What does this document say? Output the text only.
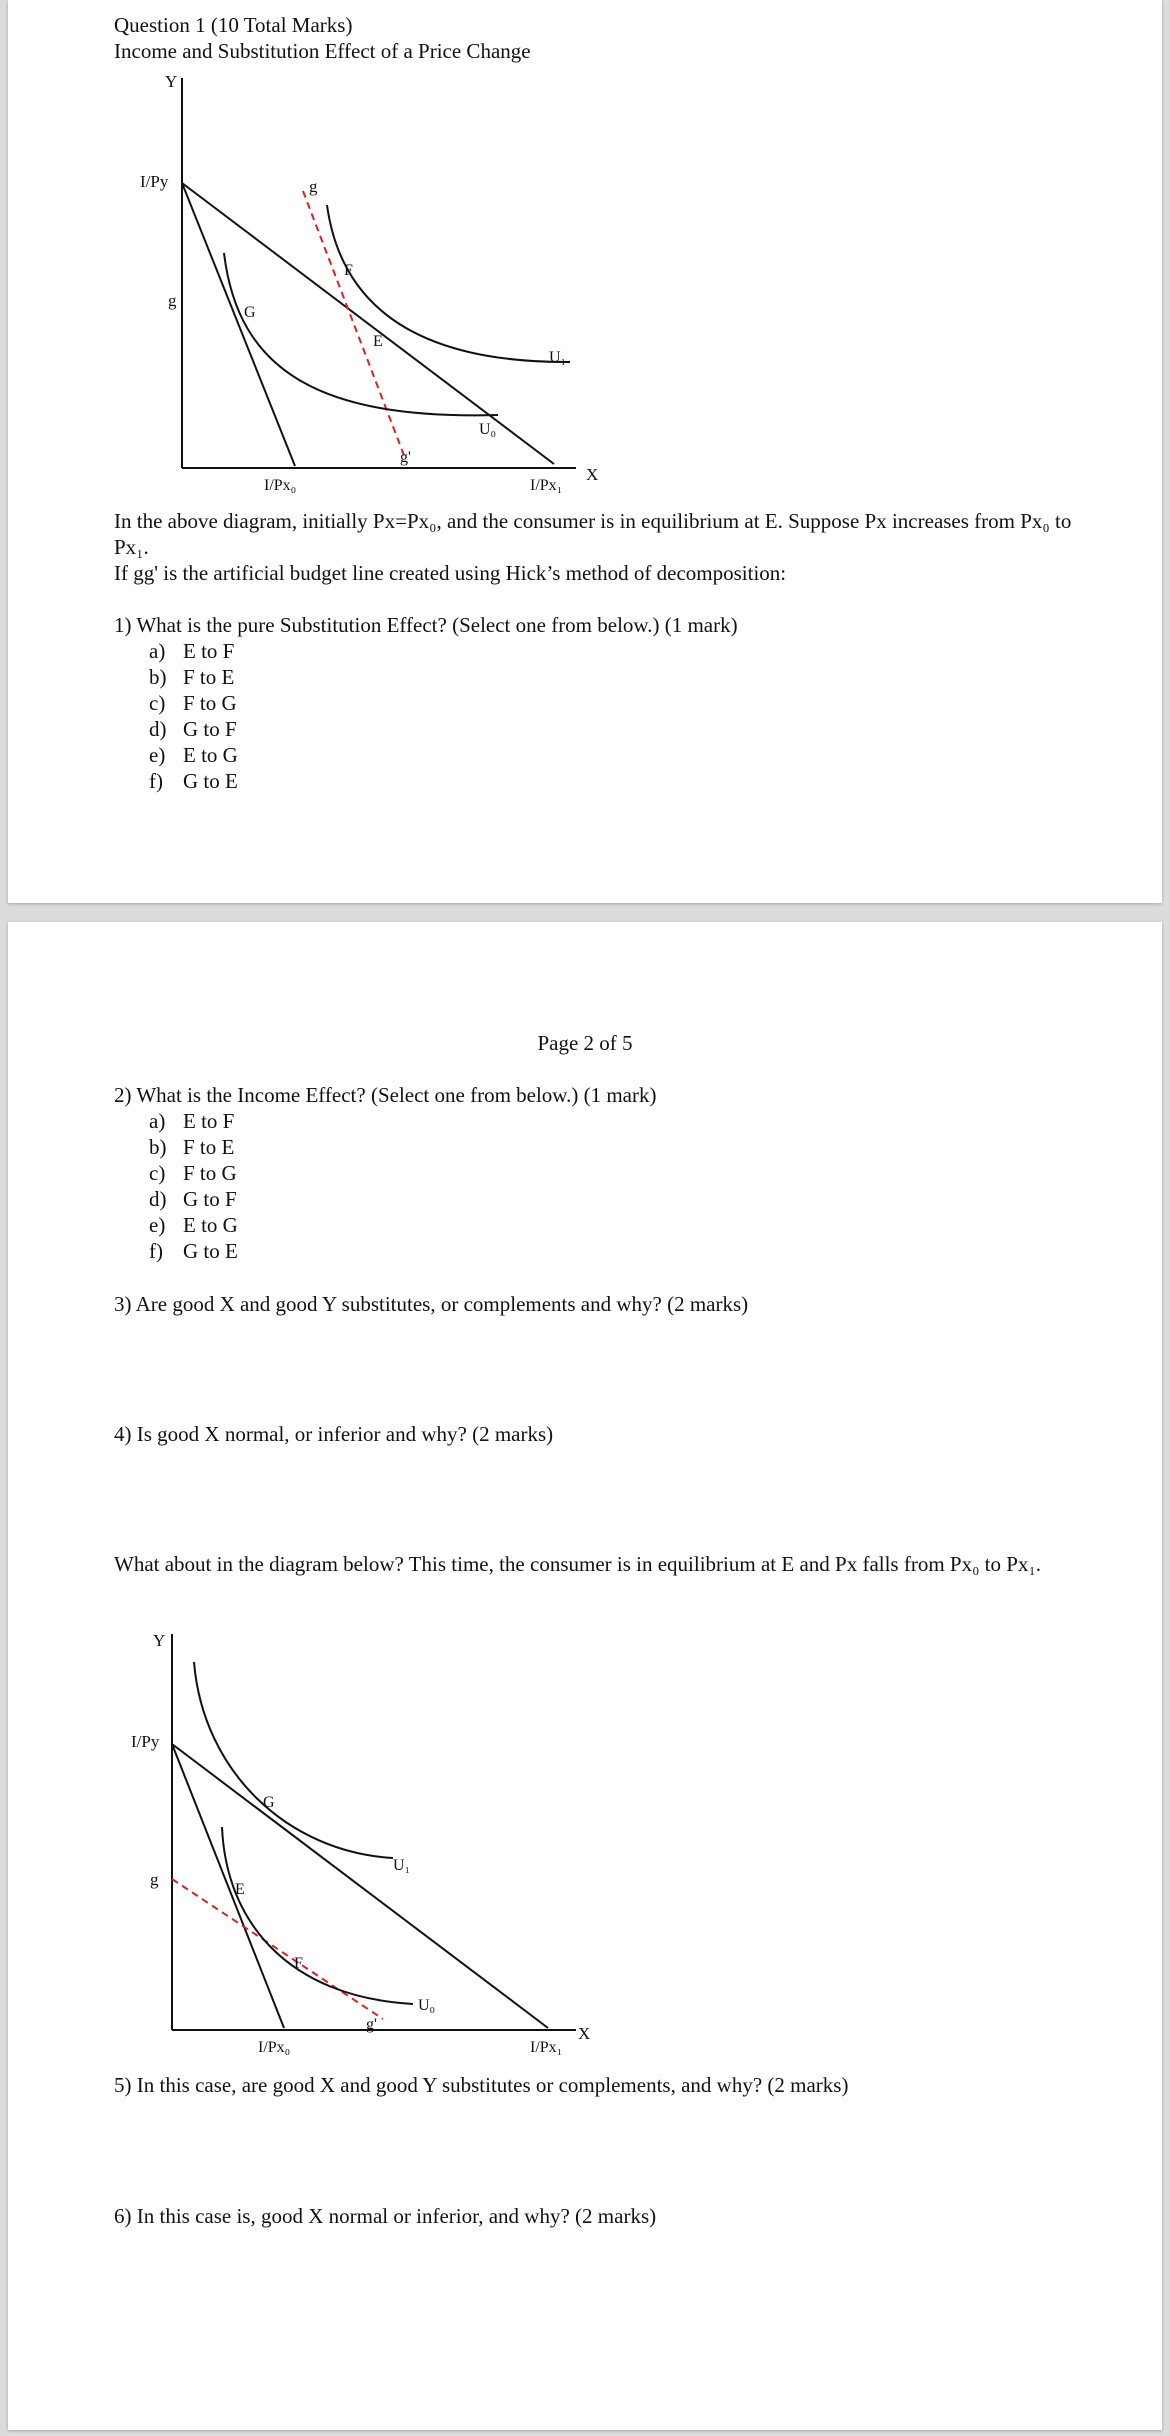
Question 1 (10 Total Marks)
Income and Substitution Effect of a Price Change
Y
X
I/Py
I/Px₀	I/Px₁
g
g'
g
F
G
E
U₁
U₀
In the above diagram, initially Px=Px₀, and the consumer is in equilibrium at E. Suppose Px increases from Px₀ to Px₁.
If gg' is the artificial budget line created using Hick’s method of decomposition:
1) What is the pure Substitution Effect? (Select one from below.) (1 mark)
a) E to F
b) F to E
c) F to G
d) G to F
e) E to G
f) G to E
Page 2 of 5
2) What is the Income Effect? (Select one from below.) (1 mark)
a) E to F
b) F to E
c) F to G
d) G to F
e) E to G
f) G to E
3) Are good X and good Y substitutes, or complements and why? (2 marks)
4) Is good X normal, or inferior and why? (2 marks)
What about in the diagram below? This time, the consumer is in equilibrium at E and Px falls from Px₀ to Px₁.
Y
X
I/Py
I/Px₀	I/Px₁
g
g'
G
E
F
U₁
U₀
5) In this case, are good X and good Y substitutes or complements, and why? (2 marks)
6) In this case is, good X normal or inferior, and why? (2 marks)
